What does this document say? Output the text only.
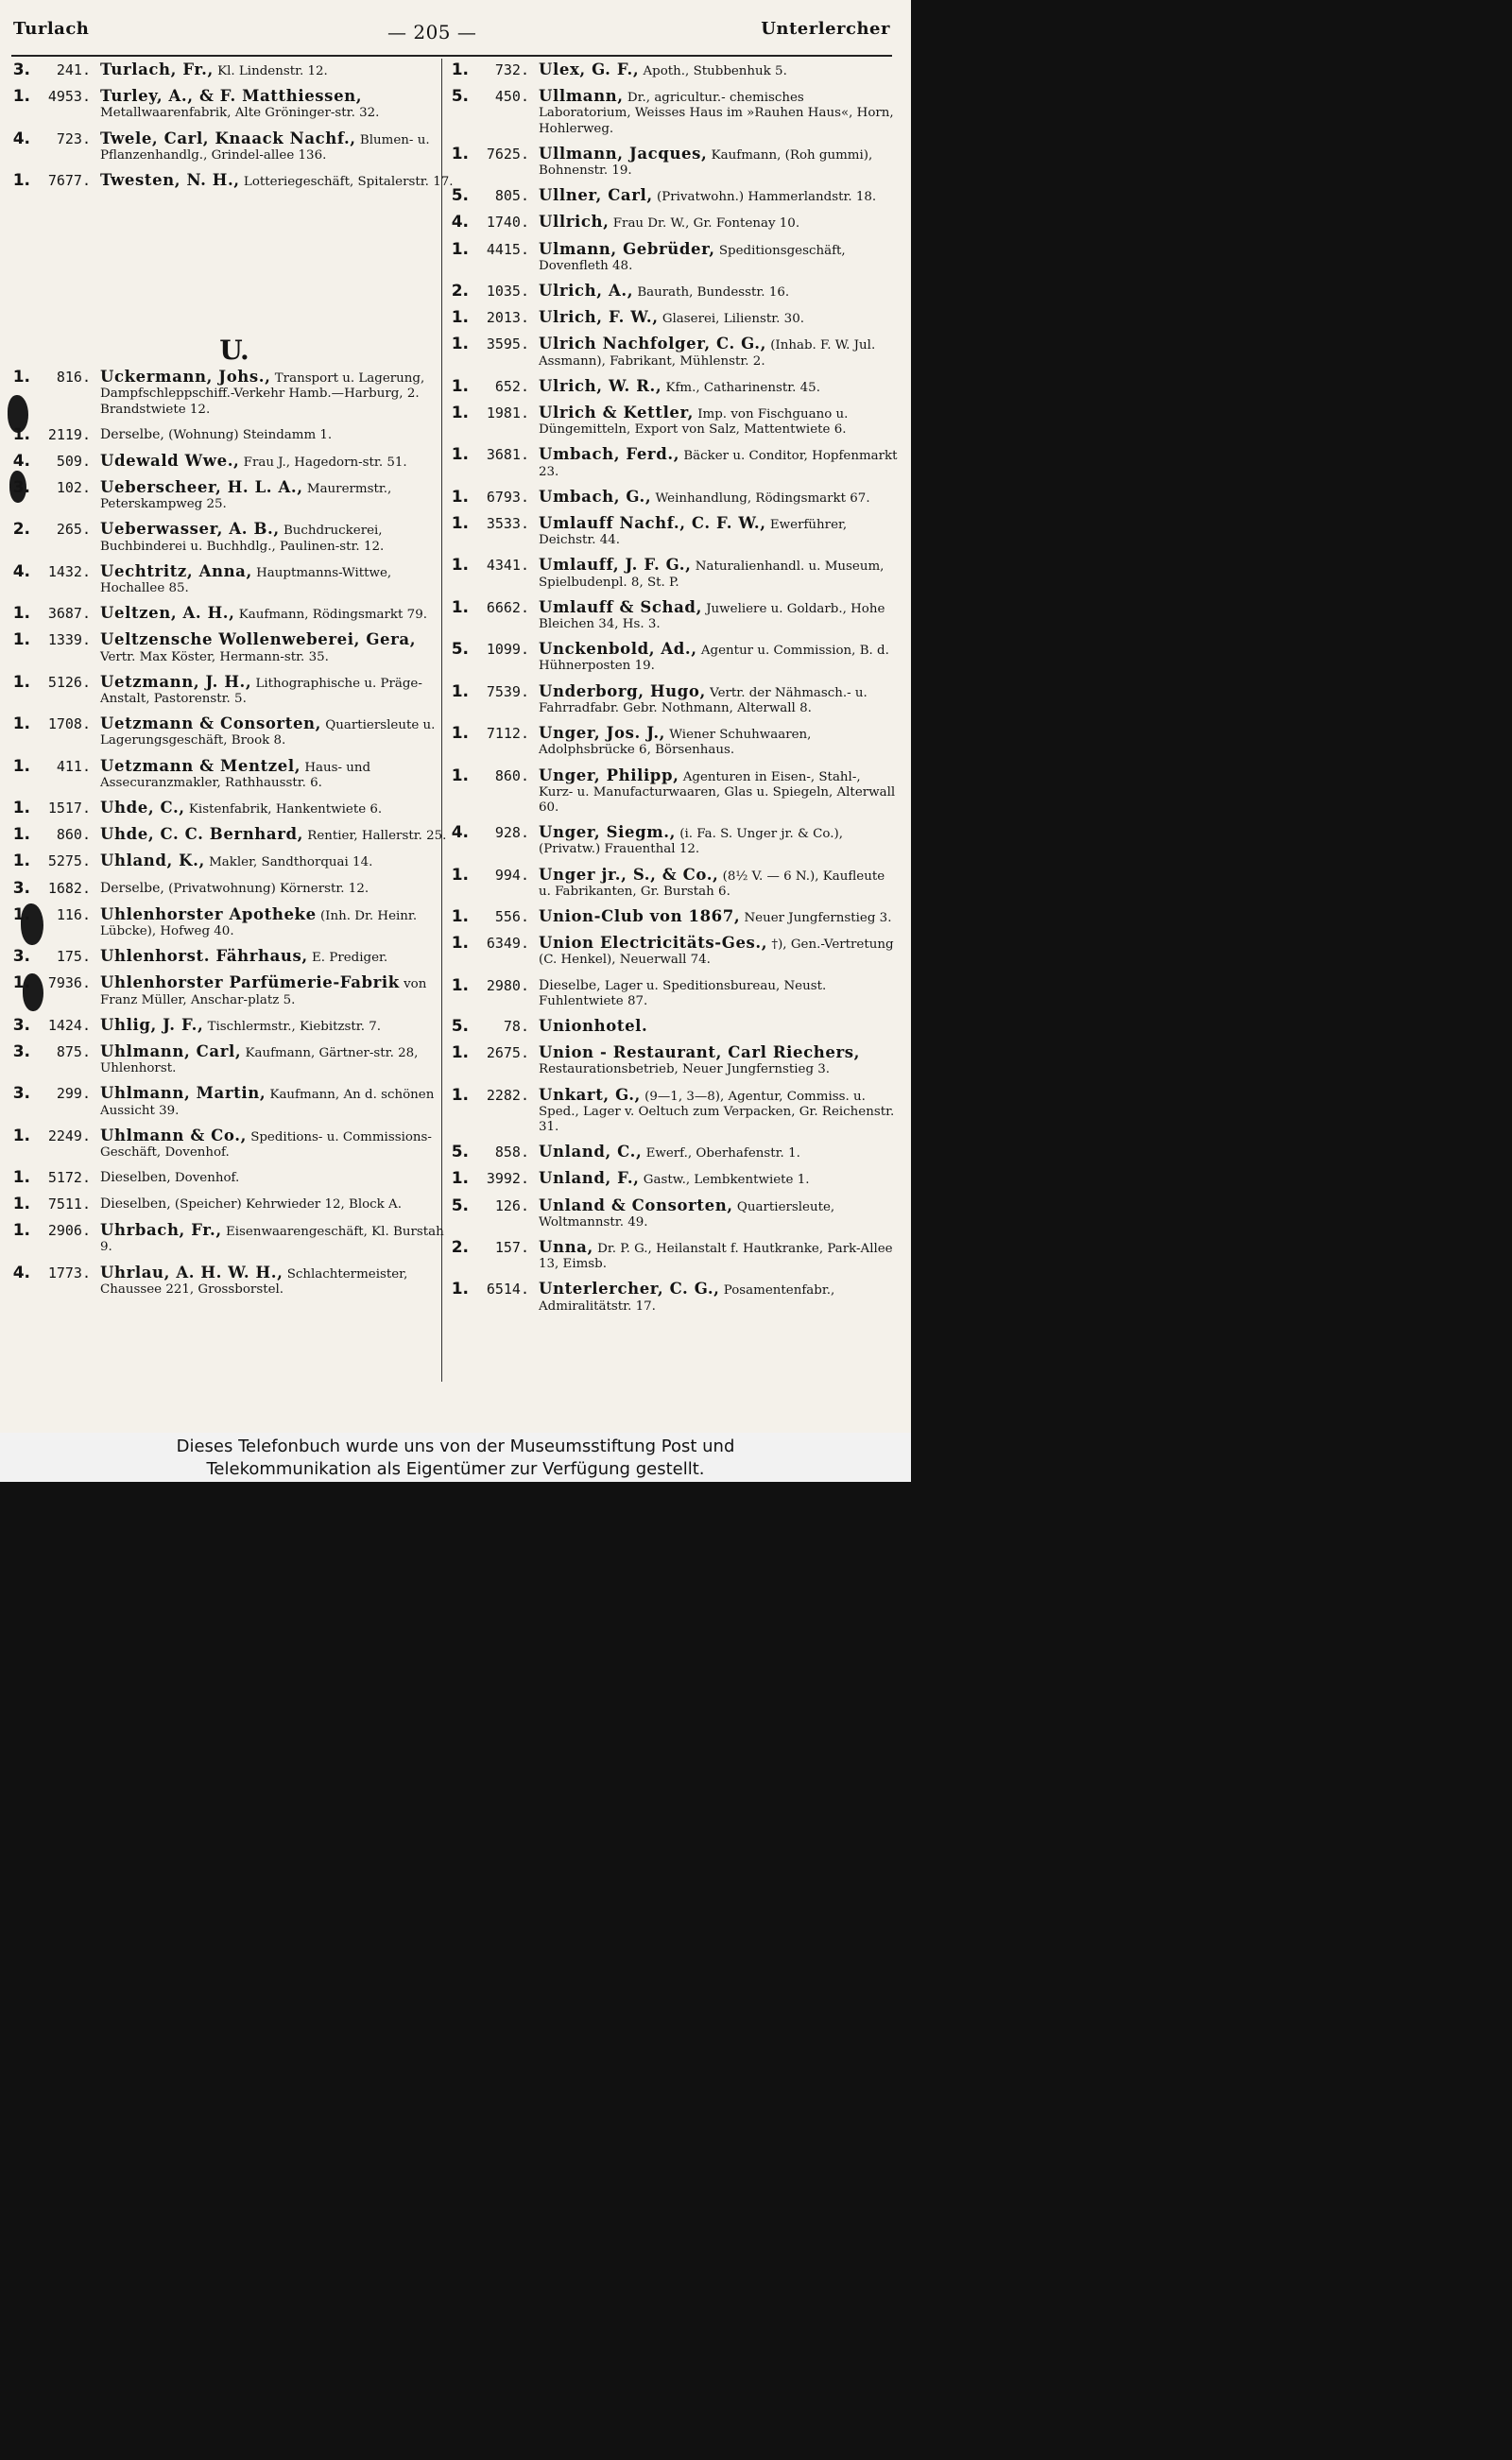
Turlach	— 205 —	Unterlercher
3.	241. Turlach, Fr., Kl. Lindenstr. 12.
1.	4953. Turley, A., & F. Matthiessen, Metallwaarenfabrik, Alte Gröninger-str. 32.
4.	723. Twele, Carl, Knaack Nachf., Blumen- u. Pflanzenhandlg., Grindel-allee 136.
1.	7677. Twesten, N. H., Lotteriegeschäft, Spitalerstr. 17.
U.
1.	816. Uckermann, Johs., Transport u. Lagerung, Dampfschleppschiff.-Verkehr Hamb.—Harburg, 2. Brandstwiete 12.
1.	2119. Derselbe, (Wohnung) Steindamm 1.
4.	509. Udewald Wwe., Frau J., Hagedorn-str. 51.
3.	102. Ueberscheer, H. L. A., Maurermstr., Peterskampweg 25.
2.	265. Ueberwasser, A. B., Buchdruckerei, Buchbinderei u. Buchhdlg., Paulinen-str. 12.
4.	1432. Uechtritz, Anna, Hauptmanns-Wittwe, Hochallee 85.
1.	3687. Ueltzen, A. H., Kaufmann, Rödingsmarkt 79.
1.	1339. Ueltzensche Wollenweberei, Gera, Vertr. Max Köster, Hermann-str. 35.
1.	5126. Uetzmann, J. H., Lithographische u. Präge-Anstalt, Pastorenstr. 5.
1.	1708. Uetzmann & Consorten, Quartiersleute u. Lagerungsgeschäft, Brook 8.
1.	411. Uetzmann & Mentzel, Haus- und Assecuranzmakler, Rathhausstr. 6.
1.	1517. Uhde, C., Kistenfabrik, Hankentwiete 6.
1.	860. Uhde, C. C. Bernhard, Rentier, Hallerstr. 25.
1.	5275. Uhland, K., Makler, Sandthorquai 14.
3.	1682. Derselbe, (Privatwohnung) Körnerstr. 12.
1.	116. Uhlenhorster Apotheke (Inh. Dr. Heinr. Lübcke), Hofweg 40.
3.	175. Uhlenhorst. Fährhaus, E. Prediger.
1.	7936. Uhlenhorster Parfümerie-Fabrik von Franz Müller, Anschar-platz 5.
3.	1424. Uhlig, J. F., Tischlermstr., Kiebitzstr. 7.
3.	875. Uhlmann, Carl, Kaufmann, Gärtner-str. 28, Uhlenhorst.
3.	299. Uhlmann, Martin, Kaufmann, An d. schönen Aussicht 39.
1.	2249. Uhlmann & Co., Speditions- u. Commissions-Geschäft, Dovenhof.
1.	5172. Dieselben, Dovenhof.
1.	7511. Dieselben, (Speicher) Kehrwieder 12, Block A.
1.	2906. Uhrbach, Fr., Eisenwaarengeschäft, Kl. Burstah 9.
4.	1773. Uhrlau, A. H. W. H., Schlachtermeister, Chaussee 221, Grossborstel.
1.	732. Ulex, G. F., Apoth., Stubbenhuk 5.
5.	450. Ullmann, Dr., agricultur.- chemisches Laboratorium, Weisses Haus im »Rauhen Haus«, Horn, Hohlerweg.
1.	7625. Ullmann, Jacques, Kaufmann, (Roh gummi), Bohnenstr. 19.
5.	805. Ullner, Carl, (Privatwohn.) Hammerlandstr. 18.
4.	1740. Ullrich, Frau Dr. W., Gr. Fontenay 10.
1.	4415. Ulmann, Gebrüder, Speditionsgeschäft, Dovenfleth 48.
2.	1035. Ulrich, A., Baurath, Bundesstr. 16.
1.	2013. Ulrich, F. W., Glaserei, Lilienstr. 30.
1.	3595. Ulrich Nachfolger, C. G., (Inhab. F. W. Jul. Assmann), Fabrikant, Mühlenstr. 2.
1.	652. Ulrich, W. R., Kfm., Catharinenstr. 45.
1.	1981. Ulrich & Kettler, Imp. von Fischguano u. Düngemitteln, Export von Salz, Mattentwiete 6.
1.	3681. Umbach, Ferd., Bäcker u. Conditor, Hopfenmarkt 23.
1.	6793. Umbach, G., Weinhandlung, Rödingsmarkt 67.
1.	3533. Umlauff Nachf., C. F. W., Ewerführer, Deichstr. 44.
1.	4341. Umlauff, J. F. G., Naturalienhandl. u. Museum, Spielbudenpl. 8, St. P.
1.	6662. Umlauff & Schad, Juweliere u. Goldarb., Hohe Bleichen 34, Hs. 3.
5.	1099. Unckenbold, Ad., Agentur u. Commission, B. d. Hühnerposten 19.
1.	7539. Underborg, Hugo, Vertr. der Nähmasch.- u. Fahrradfabr. Gebr. Nothmann, Alterwall 8.
1.	7112. Unger, Jos. J., Wiener Schuhwaaren, Adolphsbrücke 6, Börsenhaus.
1.	860. Unger, Philipp, Agenturen in Eisen-, Stahl-, Kurz- u. Manufacturwaaren, Glas u. Spiegeln, Alterwall 60.
4.	928. Unger, Siegm., (i. Fa. S. Unger jr. & Co.), (Privatw.) Frauenthal 12.
1.	994. Unger jr., S., & Co., (8½ V. — 6 N.), Kaufleute u. Fabrikanten, Gr. Burstah 6.
1.	556. Union-Club von 1867, Neuer Jungfernstieg 3.
1.	6349. Union Electricitäts-Ges., †), Gen.-Vertretung (C. Henkel), Neuerwall 74.
1.	2980. Dieselbe, Lager u. Speditionsbureau, Neust. Fuhlentwiete 87.
5.	78. Unionhotel.
1.	2675. Union - Restaurant, Carl Riechers, Restaurationsbetrieb, Neuer Jungfernstieg 3.
1.	2282. Unkart, G., (9—1, 3—8), Agentur, Commiss. u. Sped., Lager v. Oeltuch zum Verpacken, Gr. Reichenstr. 31.
5.	858. Unland, C., Ewerf., Oberhafenstr. 1.
1.	3992. Unland, F., Gastw., Lembkentwiete 1.
5.	126. Unland & Consorten, Quartiersleute, Woltmannstr. 49.
2.	157. Unna, Dr. P. G., Heilanstalt f. Hautkranke, Park-Allee 13, Eimsb.
1.	6514. Unterlercher, C. G., Posamentenfabr., Admiralitätstr. 17.
Dieses Telefonbuch wurde uns von der Museumsstiftung Post und
Telekommunikation als Eigentümer zur Verfügung gestellt.
